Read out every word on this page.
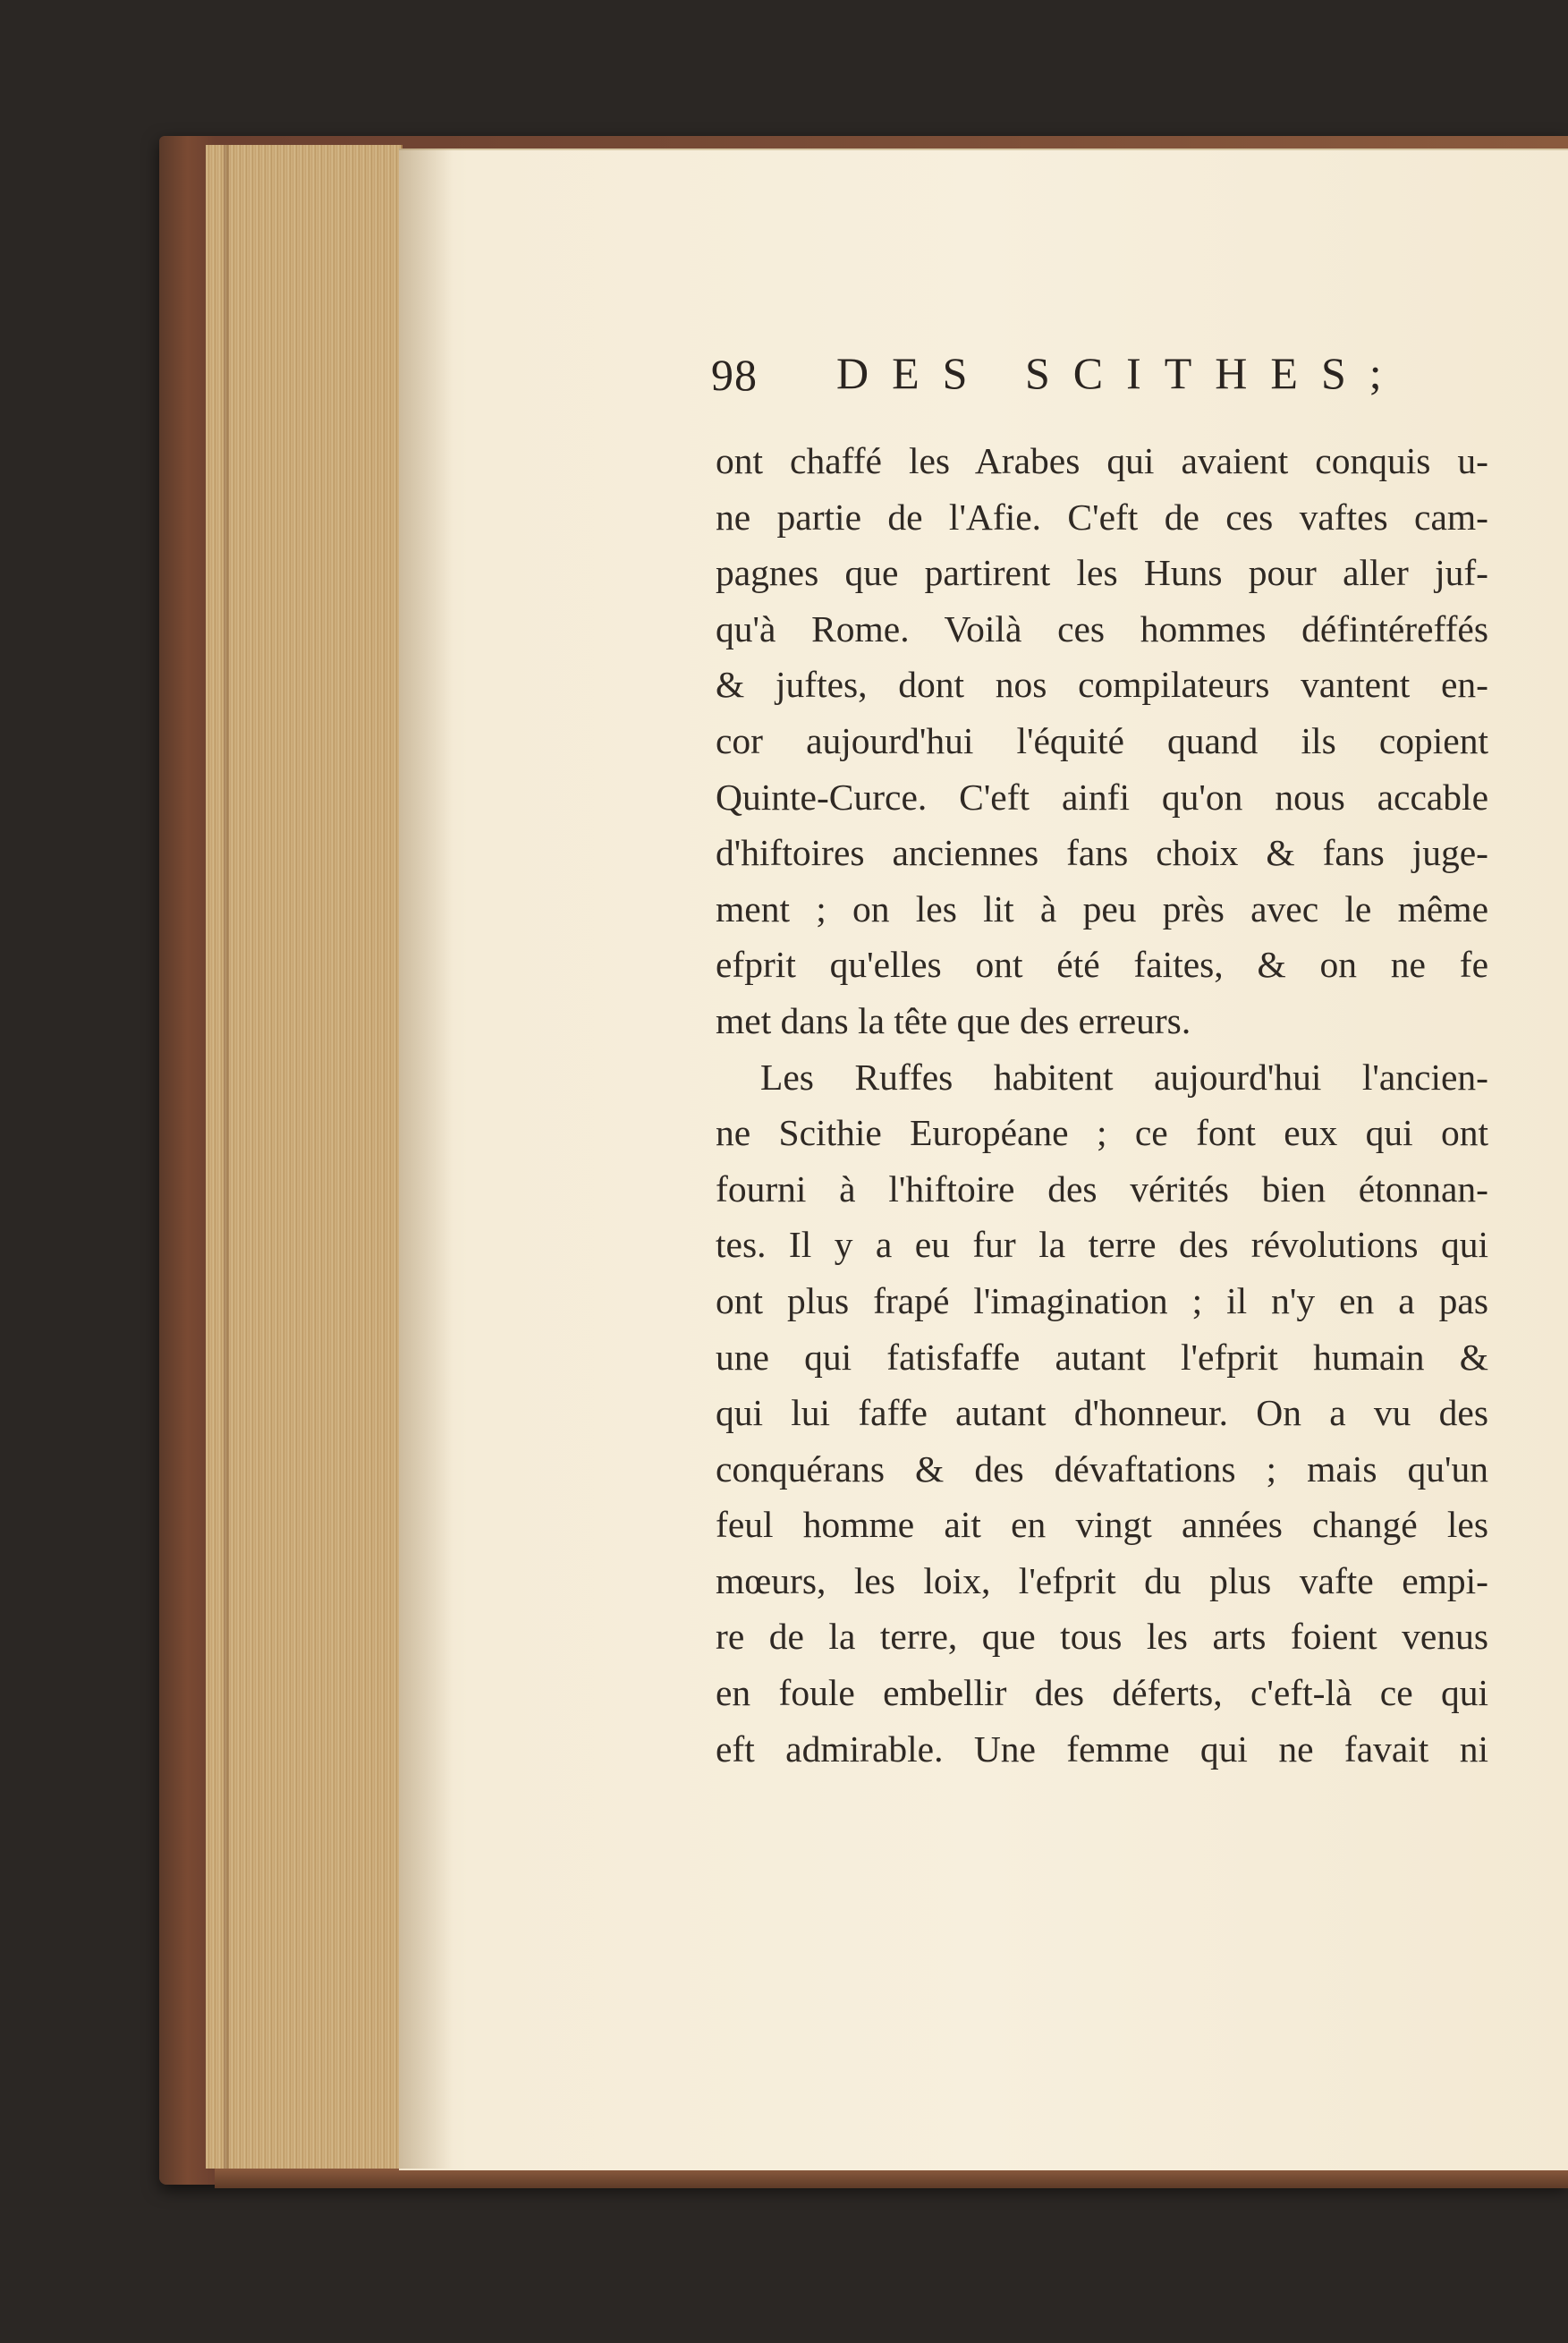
98 DES SCITHES;
ont chaffé les Arabes qui avaient conquis u-
ne partie de l'Afie. C'eft de ces vaftes cam-
pagnes que partirent les Huns pour aller juf-
qu'à Rome. Voilà ces hommes défintéreffés
& juftes, dont nos compilateurs vantent en-
cor aujourd'hui l'équité quand ils copient
Quinte-Curce. C'eft ainfi qu'on nous accable
d'hiftoires anciennes fans choix & fans juge-
ment ; on les lit à peu près avec le même
efprit qu'elles ont été faites, & on ne fe
met dans la tête que des erreurs.
Les Ruffes habitent aujourd'hui l'ancien-
ne Scithie Européane ; ce font eux qui ont
fourni à l'hiftoire des vérités bien étonnan-
tes. Il y a eu fur la terre des révolutions qui
ont plus frapé l'imagination ; il n'y en a pas
une qui fatisfaffe autant l'efprit humain &
qui lui faffe autant d'honneur. On a vu des
conquérans & des dévaftations ; mais qu'un
feul homme ait en vingt années changé les
mœurs, les loix, l'efprit du plus vafte empi-
re de la terre, que tous les arts foient venus
en foule embellir des déferts, c'eft-là ce qui
eft admirable. Une femme qui ne favait ni
